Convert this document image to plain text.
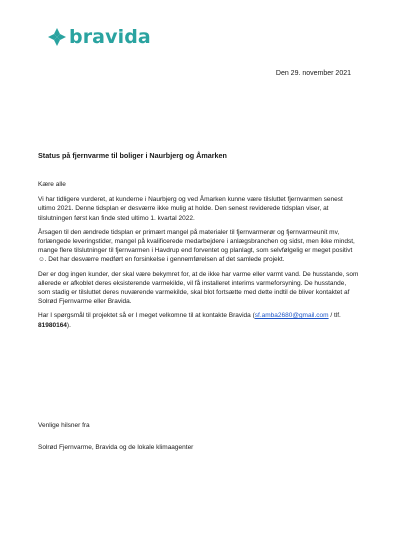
bravida
Den 29. november 2021
Status på fjernvarme til boliger i Naurbjerg og Åmarken

Kære alle

Vi har tidligere vurderet, at kunderne i Naurbjerg og ved Åmarken kunne være tilsluttet fjernvarmen senest ultimo 2021. Denne tidsplan er desværre ikke mulig at holde. Den senest reviderede tidsplan viser, at tilslutningen først kan finde sted ultimo 1. kvartal 2022.

Årsagen til den ændrede tidsplan er primært mangel på materialer til fjernvarmerør og fjernvarmeunit mv, forlængede leveringstider, mangel på kvalificerede medarbejdere i anlægsbranchen og sidst, men ikke mindst, mange flere tilslutninger til fjernvarmen i Havdrup end forventet og planlagt, som selvfølgelig er meget positivt ☺. Det har desværre medført en forsinkelse i gennemførelsen af det samlede projekt.

Der er dog ingen kunder, der skal være bekymret for, at de ikke har varme eller varmt vand. De husstande, som allerede er afkoblet deres eksisterende varmekilde, vil få installeret interims varmeforsyning. De husstande, som stadig er tilsluttet deres nuværende varmekilde, skal blot fortsætte med dette indtil de bliver kontaktet af Solrød Fjernvarme eller Bravida.

Har I spørgsmål til projektet så er I meget velkomne til at kontakte Bravida (sf.amba2680@gmail.com / tlf. 81980164).

Venlige hilsner fra
Solrød Fjernvarme, Bravida og de lokale klimaagenter
